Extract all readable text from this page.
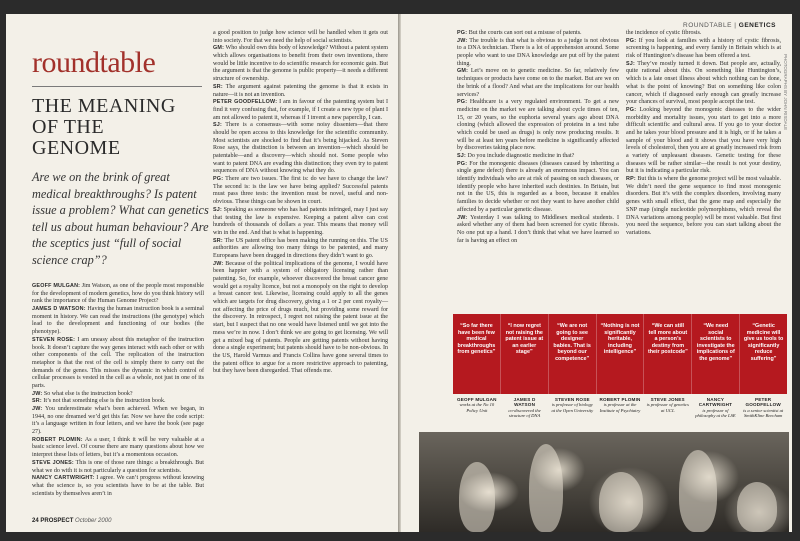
roundtable
THE MEANING
OF THE
GENOME
Are we on the brink of great medical breakthroughs? Is patent issue a problem? What can genetics tell us about human behaviour? Are the sceptics just “full of social science crap”?

GEOFF MULGAN: Jim Watson, as one of the people most responsible for the development of modern genetics, how do you think history will rank the importance of the Human Genome Project?

JAMES D WATSON: Having the human instruction book is a seminal moment in history. We can read the instructions (the genotype) which lead to the development and functioning of our bodies (the phenotype).

STEVEN ROSE: I am uneasy about this metaphor of the instruction book. It doesn’t capture the way genes interact with each other or with other components of the cell. The replication of the instruction metaphor is that the rest of the cell is simply there to carry out the demands of the genes. This misses the dynamic in which control of cellular processes is vested in the cell as a whole, not just in one of its parts.

JW: So what else is the instruction book?

SR: It’s not that something else is the instruction book.

JW: You underestimate what’s been achieved. When we began, in 1944, no one dreamed we’d get this far. Now we have the code script: it’s a language written in four letters, and we have the book (see page 27).

ROBERT PLOMIN: As a user, I think it will be very valuable at a basic science level. Of course there are many questions about how we interpret these lists of letters, but it’s a momentous occasion.

STEVE JONES: This is one of those rare things: a breakthrough. But what we do with it is not particularly a question for scientists.

NANCY CARTWRIGHT: I agree. We can’t progress without knowing what the science is, so you scientists have to be at the table. But scientists by themselves aren’t in

a good position to judge how science will be handled when it gets out into society. For that we need the help of social scientists.

GM: Who should own this body of knowledge? Without a patent system which allows organisations to benefit from their own inventions, there would be little incentive to do scientific research for economic gain. But the argument is that the genome is public property—it needs a different structure of ownership.

SR: The argument against patenting the genome is that it exists in nature—it is not an invention.

PETER GOODFELLOW: I am in favour of the patenting system but I find it very confusing that, for example, if I create a new type of plant I am not allowed to patent it, whereas if I invent a new paperclip, I can.

SJ: There is a consensus—with some noisy dissenters—that there should be open access to this knowledge for the scientific community. Most scientists are shocked to find that it’s being hijacked. As Steven Rose says, the distinction is between an invention—which should be patentable—and a discovery—which should not. Some people who want to patent DNA are evading this distinction; they even try to patent sequences of DNA without knowing what they do.

PG: There are two issues. The first is: do we have to change the law? The second is: is the law we have being applied? Successful patents must pass three tests: the invention must be novel, useful and non-obvious. These things can be shown in court.

SJ: Speaking as someone who has had patents infringed, may I just say that testing the law is expensive. Keeping a patent alive can cost hundreds of thousands of dollars a year. This means that money will win in the end. And that is what is happening.

SR: The US patent office has been making the running on this. The US authorities are allowing too many things to be patented, and many Europeans have been dragged in directions they didn’t want to go.

JW: Because of the political implications of the genome, I would have been happier with a system of obligatory licensing rather than patenting. So, for example, whoever discovered the breast cancer gene would get a royalty licence, but not a monopoly on the right to develop a breast cancer test. Likewise, licensing could apply to all the genes which are targets for drug discovery, giving a 1 or 2 per cent royalty—not affecting the price of drugs much, but providing some reward for the discovery. In retrospect, I regret not raising the patent issue at the start, but I suspect that no one would have listened until we got into the mess we’re in now. I don’t think we are going to get licensing. We will get a mixed bag of patents. People are getting patents without having done a single experiment; but patents should have to be non-obvious. In the US, Harold Varmus and Francis Collins have gone several times to the patent office to argue for a more restrictive approach to patenting, but they have been disregarded. That offends me.

24 PROSPECT October 2000
ROUNDTABLE | GENETICS
PHOTOGRAPHS BY JOHN RISDALE

PG: But the courts can sort out a misuse of patents.

JW: The trouble is that what is obvious to a judge is not obvious to a DNA technician. There is a lot of apprehension around. Some people who want to use DNA knowledge are put off by the patent thing.

GM: Let’s move on to genetic medicine. So far, relatively few techniques or products have come on to the market. But are we on the brink of a flood? And what are the implications for our health services?

PG: Healthcare is a very regulated environment. To get a new medicine on the market we are talking about cycle times of ten, 15, or 20 years, so the euphoria several years ago about DNA cloning (which allowed the expression of proteins in a test tube which could be used as drugs) is only now producing results. It will be at least ten years before medicine is significantly affected by discoveries taking place now.

SJ: Do you include diagnostic medicine in that?

PG: For the monogenic diseases (diseases caused by inheriting a single gene defect) there is already an enormous impact. You can identify individuals who are at risk of passing on such diseases, or identify people who have inherited such destinies. In Britain, but not in the US, this is regarded as a boon, because it enables families to decide whether or not they want to have another child affected by a particular genetic disease.

JW: Yesterday I was talking to Middlesex medical students. I asked whether any of them had been screened for cystic fibrosis. No one put up a hand. I don’t think that what we have learned so far is having an effect on

the incidence of cystic fibrosis.

PG: If you look at families with a history of cystic fibrosis, screening is happening, and every family in Britain which is at risk of Huntington’s disease has been offered a test.

SJ: They’ve mostly turned it down. But people are, actually, quite rational about this. On something like Huntington’s, which is a late onset illness about which nothing can be done, what is the point of knowing? But on something like colon cancer, which if diagnosed early enough can greatly increase your chances of survival, most people accept the test.

PG: Looking beyond the monogenic diseases to the wider morbidity and mortality issues, you start to get into a more difficult scientific and cultural area. If you go to your doctor and he takes your blood pressure and it is high, or if he takes a sample of your blood and it shows that you have very high levels of cholesterol, then you are at greatly increased risk from a variety of unpleasant diseases. Genetic testing for these diseases will be rather similar—the result is not your destiny, but it is indicating a particular risk.

RP: But this is where the genome project will be most valuable. We didn’t need the gene sequence to find most monogenic disorders. But it’s with the complex disorders, involving many genes with small effect, that the gene map and especially the SNP map (single nucleotide polymorphisms, which reveal the DNA variations among people) will be most valuable. But first you need the sequence, before you can start talking about the variations.

“So far there have been few medical breakthroughs from genetics”
“I now regret not raising the patent issue at an earlier stage”
“We are not going to see designer babies. That is beyond our competence”
“Nothing is not significantly heritable, including intelligence”
“We can still tell more about a person’s destiny from their postcode”
“We need social scientists to investigate the implications of the genome”
“Genetic medicine will give us tools to significantly reduce suffering”
GEOFF MULGAN
works at the No 10 Policy Unit
JAMES D WATSON
co-discovered the structure of DNA
STEVEN ROSE
is professor of biology at the Open University
ROBERT PLOMIN
is professor at the Institute of Psychiatry
STEVE JONES
is professor of genetics at UCL
NANCY CARTWRIGHT
is professor of philosophy at the LSE
PETER GOODFELLOW
is a senior scientist at SmithKline Beecham
